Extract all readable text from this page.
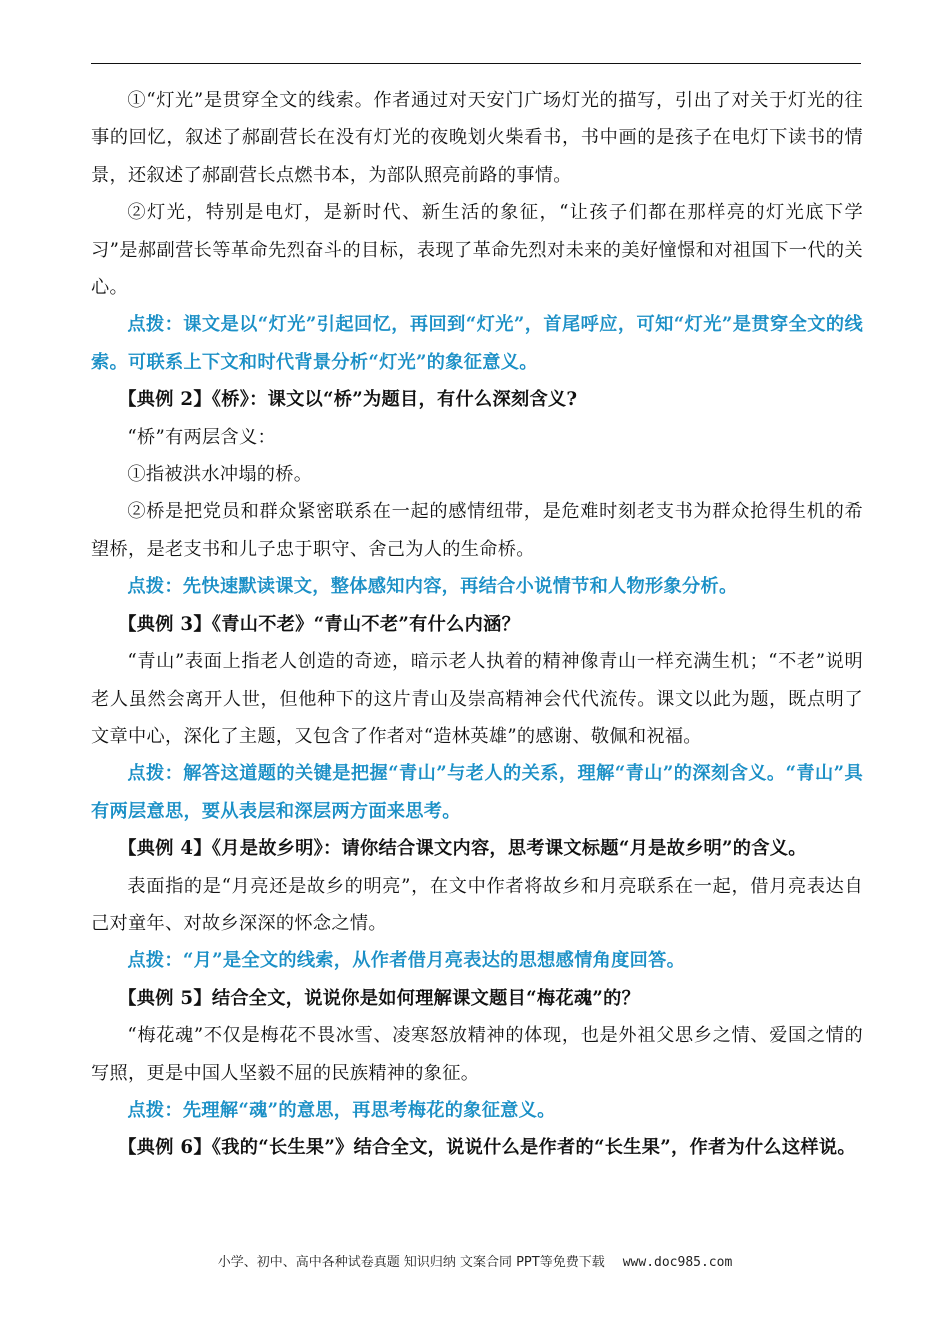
①“灯光”是贯穿全文的线索。作者通过对天安门广场灯光的描写，引出了对关于灯光的往事的回忆，叙述了郝副营长在没有灯光的夜晚划火柴看书，书中画的是孩子在电灯下读书的情景，还叙述了郝副营长点燃书本，为部队照亮前路的事情。

②灯光，特别是电灯，是新时代、新生活的象征，“让孩子们都在那样亮的灯光底下学习”是郝副营长等革命先烈奋斗的目标，表现了革命先烈对未来的美好憧憬和对祖国下一代的关心。

点拨：课文是以“灯光”引起回忆，再回到“灯光”，首尾呼应，可知“灯光”是贯穿全文的线索。可联系上下文和时代背景分析“灯光”的象征意义。

【典例 2】《桥》：课文以“桥”为题目，有什么深刻含义?

“桥”有两层含义：

①指被洪水冲塌的桥。

②桥是把党员和群众紧密联系在一起的感情纽带，是危难时刻老支书为群众抢得生机的希望桥，是老支书和儿子忠于职守、舍己为人的生命桥。

点拨：先快速默读课文，整体感知内容，再结合小说情节和人物形象分析。

【典例 3】《青山不老》“青山不老”有什么内涵？

“青山”表面上指老人创造的奇迹，暗示老人执着的精神像青山一样充满生机；“不老”说明老人虽然会离开人世，但他种下的这片青山及崇高精神会代代流传。课文以此为题，既点明了文章中心，深化了主题，又包含了作者对“造林英雄”的感谢、敬佩和祝福。

点拨：解答这道题的关键是把握“青山”与老人的关系，理解“青山”的深刻含义。“青山”具有两层意思，要从表层和深层两方面来思考。

【典例 4】《月是故乡明》：请你结合课文内容，思考课文标题“月是故乡明”的含义。

表面指的是“月亮还是故乡的明亮”，在文中作者将故乡和月亮联系在一起，借月亮表达自己对童年、对故乡深深的怀念之情。

点拨：“月”是全文的线索，从作者借月亮表达的思想感情角度回答。

【典例 5】结合全文，说说你是如何理解课文题目“梅花魂”的？

“梅花魂”不仅是梅花不畏冰雪、凌寒怒放精神的体现，也是外祖父思乡之情、爱国之情的写照，更是中国人坚毅不屈的民族精神的象征。

点拨：先理解“魂”的意思，再思考梅花的象征意义。

【典例 6】《我的“长生果”》结合全文，说说什么是作者的“长生果”，作者为什么这样说。

小学、初中、高中各种试卷真题 知识归纳 文案合同 PPT等免费下载 www.doc985.com
